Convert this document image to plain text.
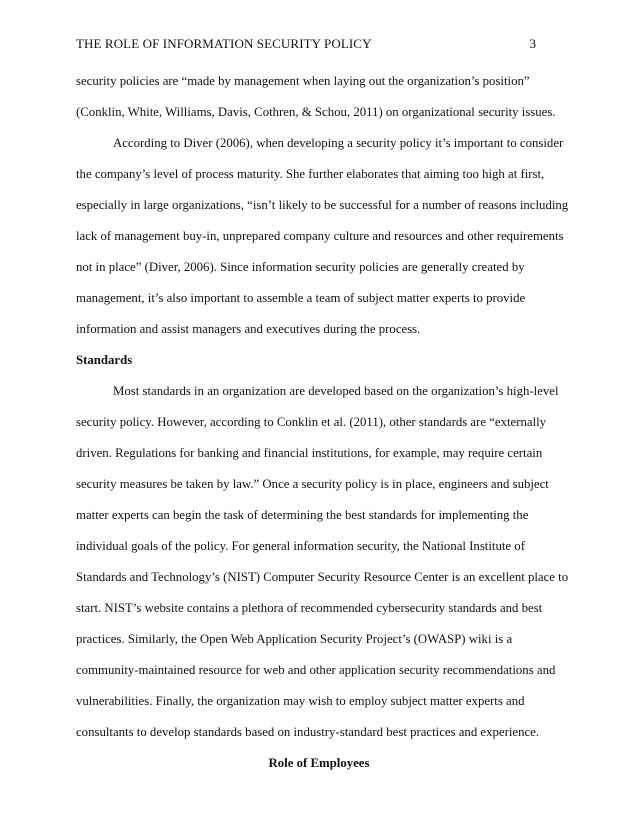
THE ROLE OF INFORMATION SECURITY POLICY	3
security policies are “made by management when laying out the organization’s position”
(Conklin, White, Williams, Davis, Cothren, & Schou, 2011) on organizational security issues.
According to Diver (2006), when developing a security policy it’s important to consider
the company’s level of process maturity. She further elaborates that aiming too high at first,
especially in large organizations, “isn’t likely to be successful for a number of reasons including
lack of management buy-in, unprepared company culture and resources and other requirements
not in place” (Diver, 2006). Since information security policies are generally created by
management, it’s also important to assemble a team of subject matter experts to provide
information and assist managers and executives during the process.
Standards
Most standards in an organization are developed based on the organization’s high-level
security policy. However, according to Conklin et al. (2011), other standards are “externally
driven. Regulations for banking and financial institutions, for example, may require certain
security measures be taken by law.” Once a security policy is in place, engineers and subject
matter experts can begin the task of determining the best standards for implementing the
individual goals of the policy. For general information security, the National Institute of
Standards and Technology’s (NIST) Computer Security Resource Center is an excellent place to
start. NIST’s website contains a plethora of recommended cybersecurity standards and best
practices. Similarly, the Open Web Application Security Project’s (OWASP) wiki is a
community-maintained resource for web and other application security recommendations and
vulnerabilities. Finally, the organization may wish to employ subject matter experts and
consultants to develop standards based on industry-standard best practices and experience.
Role of Employees
